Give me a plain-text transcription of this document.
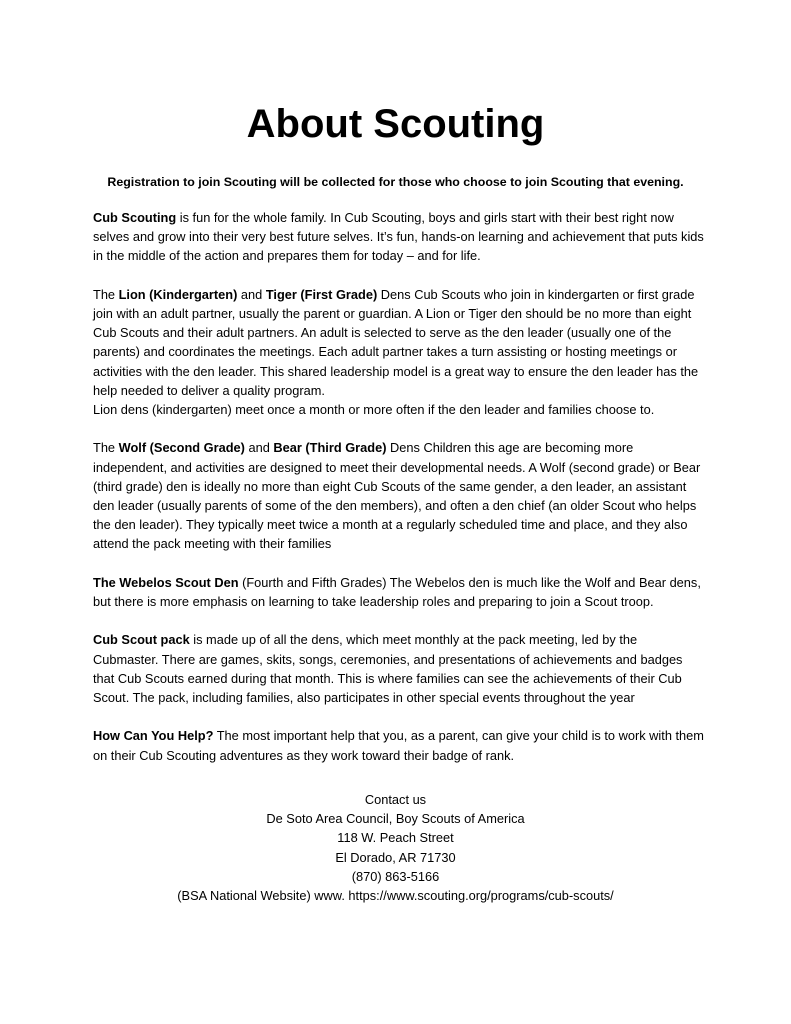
About Scouting

Registration to join Scouting will be collected for those who choose to join Scouting that evening.

Cub Scouting is fun for the whole family. In Cub Scouting, boys and girls start with their best right now selves and grow into their very best future selves. It’s fun, hands-on learning and achievement that puts kids in the middle of the action and prepares them for today – and for life.

The Lion (Kindergarten) and Tiger (First Grade) Dens Cub Scouts who join in kindergarten or first grade join with an adult partner, usually the parent or guardian. A Lion or Tiger den should be no more than eight Cub Scouts and their adult partners. An adult is selected to serve as the den leader (usually one of the parents) and coordinates the meetings. Each adult partner takes a turn assisting or hosting meetings or activities with the den leader. This shared leadership model is a great way to ensure the den leader has the help needed to deliver a quality program.
Lion dens (kindergarten) meet once a month or more often if the den leader and families choose to.

The Wolf (Second Grade) and Bear (Third Grade) Dens Children this age are becoming more independent, and activities are designed to meet their developmental needs. A Wolf (second grade) or Bear (third grade) den is ideally no more than eight Cub Scouts of the same gender, a den leader, an assistant den leader (usually parents of some of the den members), and often a den chief (an older Scout who helps the den leader). They typically meet twice a month at a regularly scheduled time and place, and they also attend the pack meeting with their families

The Webelos Scout Den (Fourth and Fifth Grades) The Webelos den is much like the Wolf and Bear dens, but there is more emphasis on learning to take leadership roles and preparing to join a Scout troop.

Cub Scout pack is made up of all the dens, which meet monthly at the pack meeting, led by the Cubmaster. There are games, skits, songs, ceremonies, and presentations of achievements and badges that Cub Scouts earned during that month. This is where families can see the achievements of their Cub Scout. The pack, including families, also participates in other special events throughout the year

How Can You Help? The most important help that you, as a parent, can give your child is to work with them on their Cub Scouting adventures as they work toward their badge of rank.

Contact us
De Soto Area Council, Boy Scouts of America
118 W. Peach Street
El Dorado, AR 71730
(870) 863-5166
(BSA National Website) www. https://www.scouting.org/programs/cub-scouts/
